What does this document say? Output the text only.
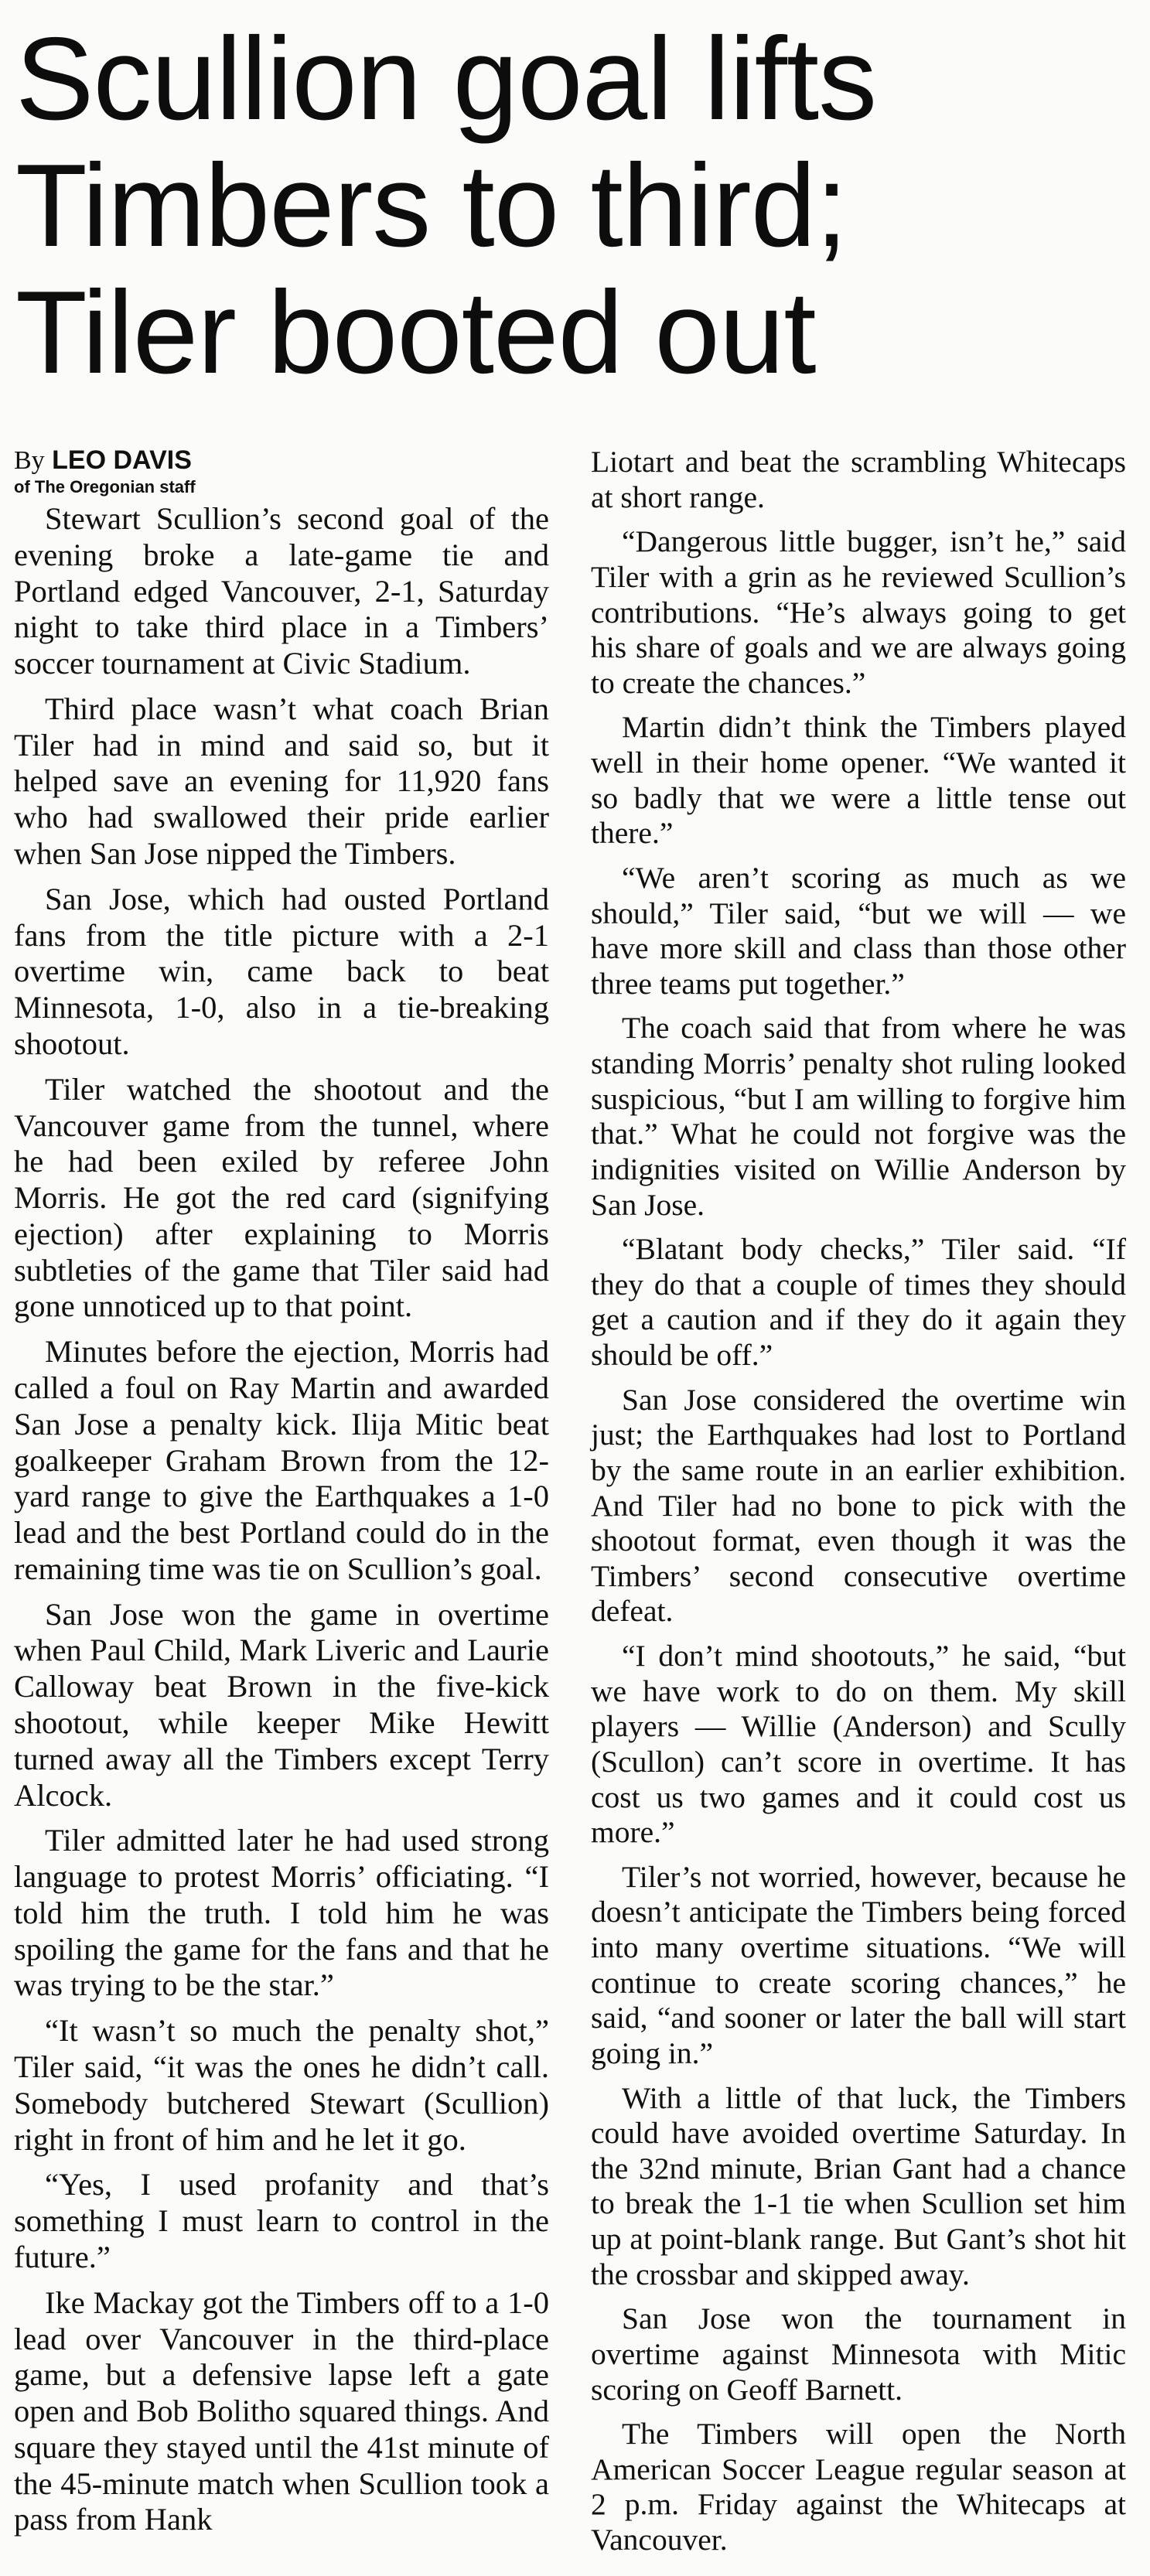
Scullion goal lifts
Timbers to third;
Tiler booted out
By LEO DAVIS
of The Oregonian staff

Stewart Scullion’s second goal of the evening broke a late-game tie and Portland edged Vancouver, 2-1, Saturday night to take third place in a Timbers’ soccer tournament at Civic Stadium.

Third place wasn’t what coach Brian Tiler had in mind and said so, but it helped save an evening for 11,920 fans who had swallowed their pride earlier when San Jose nipped the Timbers.

San Jose, which had ousted Portland fans from the title picture with a 2-1 overtime win, came back to beat Minnesota, 1-0, also in a tie-breaking shootout.

Tiler watched the shootout and the Vancouver game from the tunnel, where he had been exiled by referee John Morris. He got the red card (signifying ejection) after explaining to Morris subtleties of the game that Tiler said had gone unnoticed up to that point.

Minutes before the ejection, Morris had called a foul on Ray Martin and awarded San Jose a penalty kick. Ilija Mitic beat goalkeeper Graham Brown from the 12-yard range to give the Earthquakes a 1-0 lead and the best Portland could do in the remaining time was tie on Scullion’s goal.

San Jose won the game in overtime when Paul Child, Mark Liveric and Laurie Calloway beat Brown in the five-kick shootout, while keeper Mike Hewitt turned away all the Timbers except Terry Alcock.

Tiler admitted later he had used strong language to protest Morris’ officiating. “I told him the truth. I told him he was spoiling the game for the fans and that he was trying to be the star.”

“It wasn’t so much the penalty shot,” Tiler said, “it was the ones he didn’t call. Somebody butchered Stewart (Scullion) right in front of him and he let it go.

“Yes, I used profanity and that’s something I must learn to control in the future.”

Ike Mackay got the Timbers off to a 1-0 lead over Vancouver in the third-place game, but a defensive lapse left a gate open and Bob Bolitho squared things. And square they stayed until the 41st minute of the 45-minute match when Scullion took a pass from Hank

Liotart and beat the scrambling Whitecaps at short range.

“Dangerous little bugger, isn’t he,” said Tiler with a grin as he reviewed Scullion’s contributions. “He’s always going to get his share of goals and we are always going to create the chances.”

Martin didn’t think the Timbers played well in their home opener. “We wanted it so badly that we were a little tense out there.”

“We aren’t scoring as much as we should,” Tiler said, “but we will — we have more skill and class than those other three teams put together.”

The coach said that from where he was standing Morris’ penalty shot ruling looked suspicious, “but I am willing to forgive him that.” What he could not forgive was the indignities visited on Willie Anderson by San Jose.

“Blatant body checks,” Tiler said. “If they do that a couple of times they should get a caution and if they do it again they should be off.”

San Jose considered the overtime win just; the Earthquakes had lost to Portland by the same route in an earlier exhibition. And Tiler had no bone to pick with the shootout format, even though it was the Timbers’ second consecutive overtime defeat.

“I don’t mind shootouts,” he said, “but we have work to do on them. My skill players — Willie (Anderson) and Scully (Scullon) can’t score in overtime. It has cost us two games and it could cost us more.”

Tiler’s not worried, however, because he doesn’t anticipate the Timbers being forced into many overtime situations. “We will continue to create scoring chances,” he said, “and sooner or later the ball will start going in.”

With a little of that luck, the Timbers could have avoided overtime Saturday. In the 32nd minute, Brian Gant had a chance to break the 1-1 tie when Scullion set him up at point-blank range. But Gant’s shot hit the crossbar and skipped away.

San Jose won the tournament in overtime against Minnesota with Mitic scoring on Geoff Barnett.

The Timbers will open the North American Soccer League regular season at 2 p.m. Friday against the Whitecaps at Vancouver.
